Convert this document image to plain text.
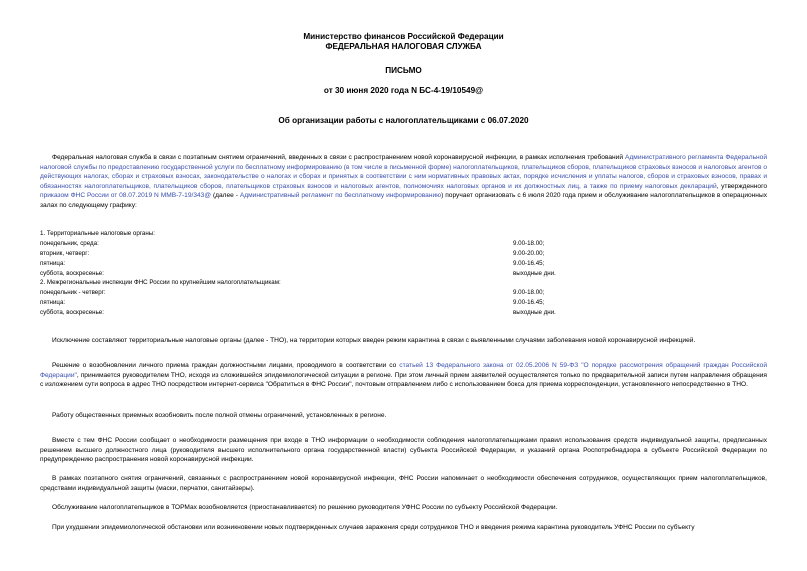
Министерство финансов Российской Федерации
ФЕДЕРАЛЬНАЯ НАЛОГОВАЯ СЛУЖБА
ПИСЬМО
от 30 июня 2020 года N БС-4-19/10549@
Об организации работы с налогоплательщиками с 06.07.2020
Федеральная налоговая служба в связи с поэтапным снятием ограничений, введенных в связи с распространением новой коронавирусной инфекции, в рамках исполнения требований Административного регламента Федеральной налоговой службы по предоставлению государственной услуги по бесплатному информированию (в том числе в письменной форме) налогоплательщиков, плательщиков сборов, плательщиков страховых взносов и налоговых агентов о действующих налогах, сборах и страховых взносах, законодательстве о налогах и сборах и принятых в соответствии с ним нормативных правовых актах, порядке исчисления и уплаты налогов, сборов и страховых взносов, правах и обязанностях налогоплательщиков, плательщиков сборов, плательщиков страховых взносов и налоговых агентов, полномочиях налоговых органов и их должностных лиц, а также по приему налоговых деклараций, утвержденного приказом ФНС России от 08.07.2019 N ММВ-7-19/343@ (далее - Административный регламент по бесплатному информированию) поручает организовать с 6 июля 2020 года прием и обслуживание налогоплательщиков в операционных залах по следующему графику:
1. Территориальные налоговые органы:
понедельник, среда:	9.00-18.00;
вторник, четверг:	9.00-20.00;
пятница:	9.00-16.45;
суббота, воскресенье:	выходные дни.
2. Межрегиональные инспекции ФНС России по крупнейшим налогоплательщикам:
понедельник - четверг:	9.00-18.00;
пятница:	9.00-16.45;
суббота, воскресенье:	выходные дни.
Исключение составляют территориальные налоговые органы (далее - ТНО), на территории которых введен режим карантина в связи с выявленными случаями заболевания новой коронавирусной инфекцией.
Решение о возобновлении личного приема граждан должностными лицами, проводимого в соответствии со статьей 13 Федерального закона от 02.05.2006 N 59-ФЗ "О порядке рассмотрения обращений граждан Российской Федерации", принимается руководителем ТНО, исходя из сложившейся эпидемиологической ситуации в регионе. При этом личный прием заявителей осуществляется только по предварительной записи путем направления обращения с изложением сути вопроса в адрес ТНО посредством интернет-сервиса "Обратиться в ФНС России", почтовым отправлением либо с использованием бокса для приема корреспонденции, установленного непосредственно в ТНО.
Работу общественных приемных возобновить после полной отмены ограничений, установленных в регионе.
Вместе с тем ФНС России сообщает о необходимости размещения при входе в ТНО информации о необходимости соблюдения налогоплательщиками правил использования средств индивидуальной защиты, предписанных решением высшего должностного лица (руководителя высшего исполнительного органа государственной власти) субъекта Российской Федерации, и указаний органа Роспотребнадзора в субъекте Российской Федерации по предупреждению распространения новой коронавирусной инфекции.
В рамках поэтапного снятия ограничений, связанных с распространением новой коронавирусной инфекции, ФНС России напоминает о необходимости обеспечения сотрудников, осуществляющих прием налогоплательщиков, средствами индивидуальной защиты (маски, перчатки, санитайзеры).
Обслуживание налогоплательщиков в ТОРМах возобновляется (приостанавливается) по решению руководителя УФНС России по субъекту Российской Федерации.
При ухудшении эпидемиологической обстановки или возникновении новых подтвержденных случаев заражения среди сотрудников ТНО и введения режима карантина руководитель УФНС России по субъекту
